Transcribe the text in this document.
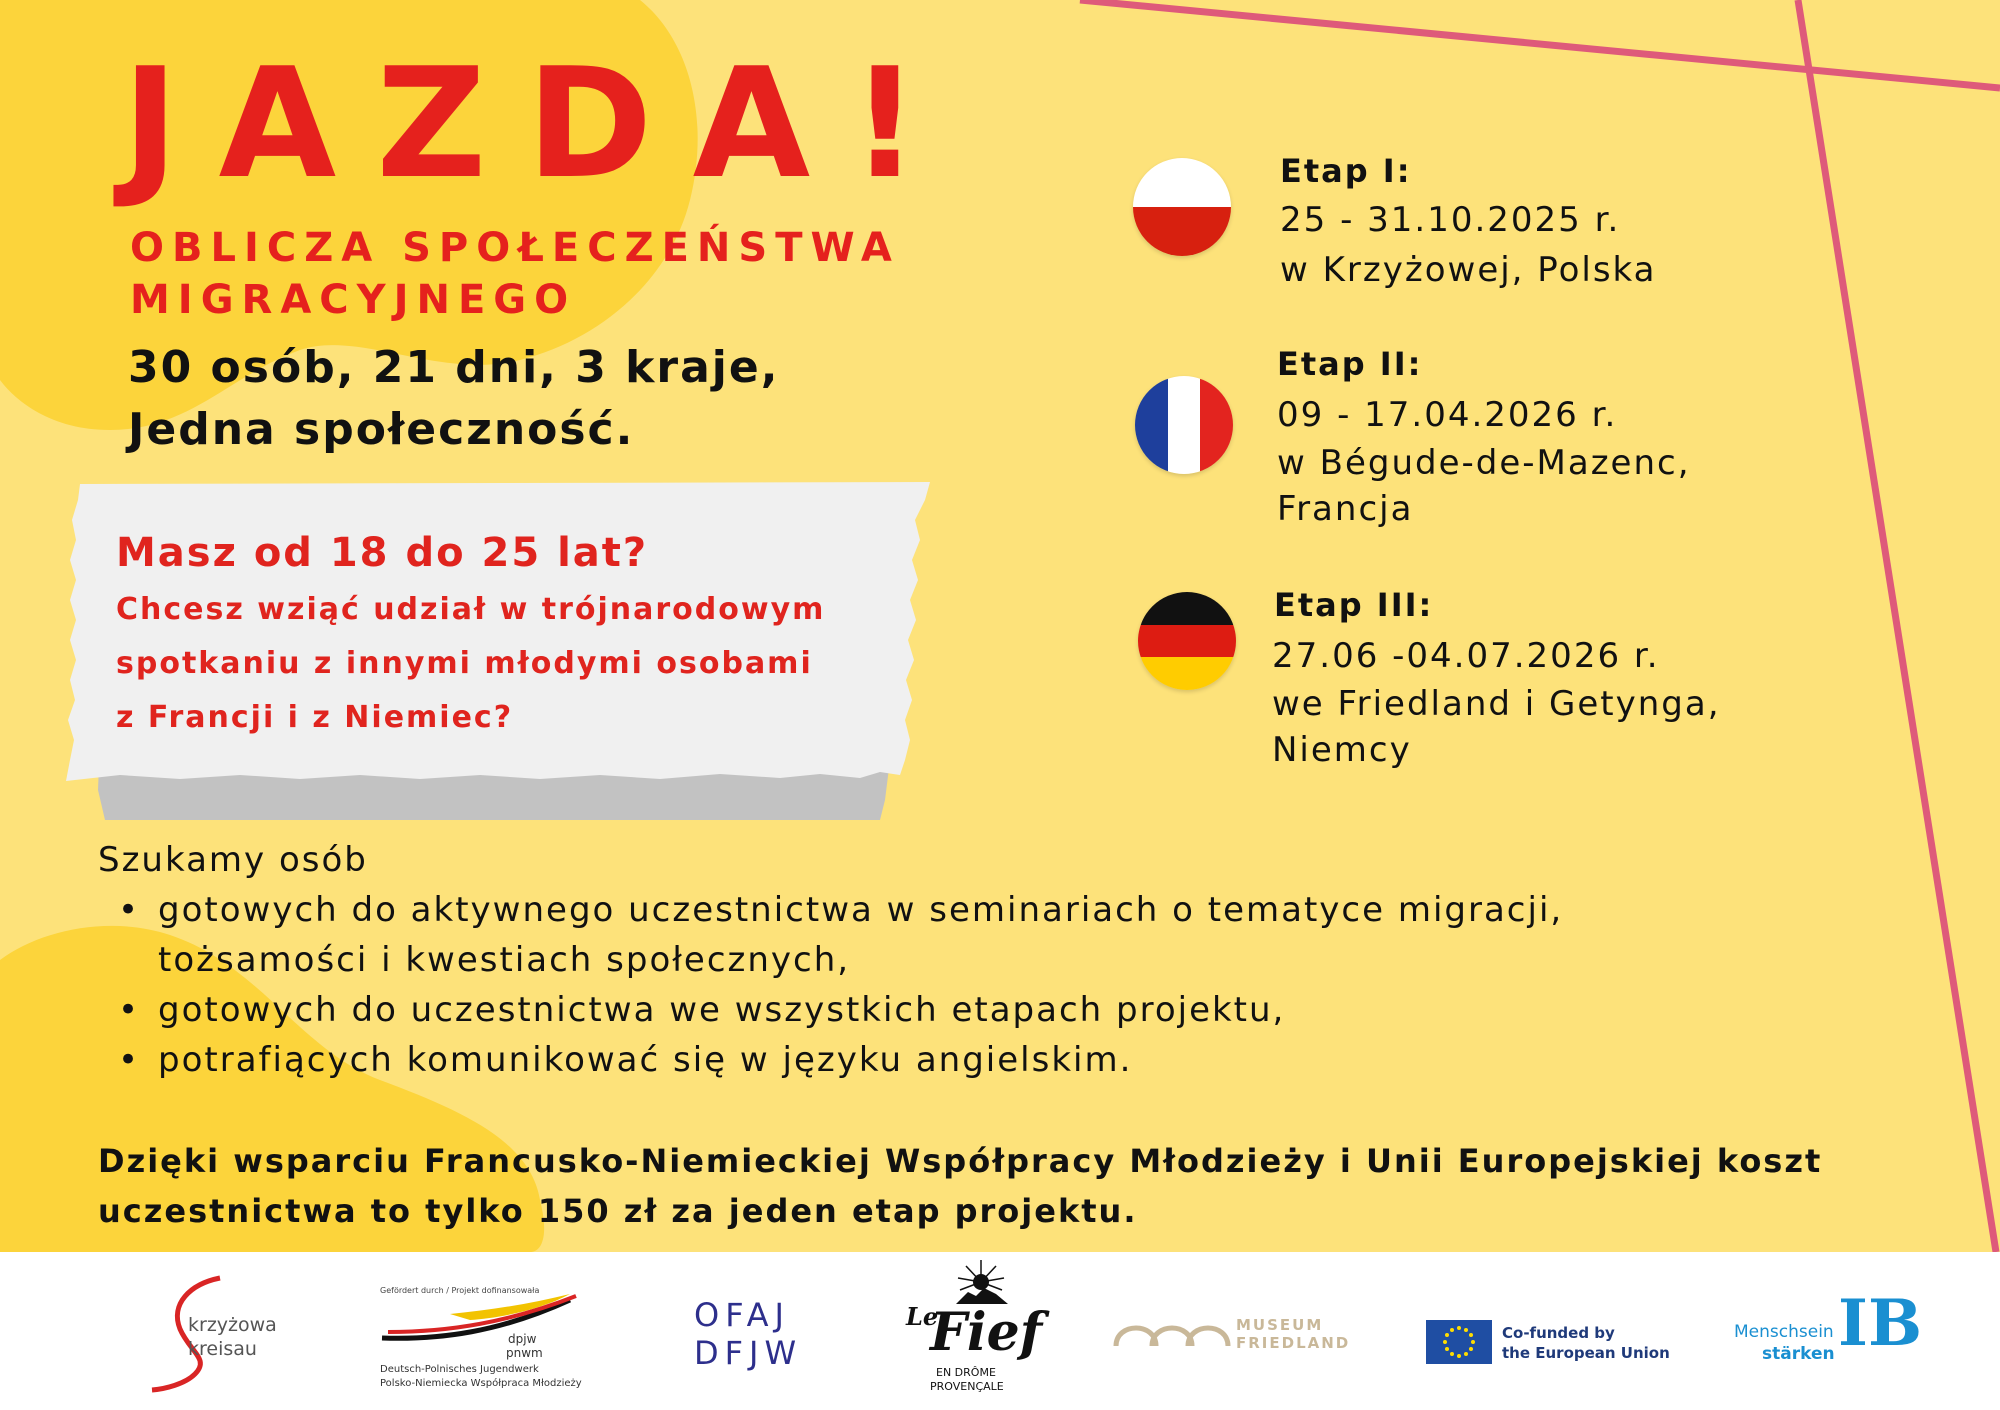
JAZDA!
OBLICZA SPOŁECZEŃSTWA
MIGRACYJNEGO
30 osób, 21 dni, 3 kraje,
Jedna społeczność.
Masz od 18 do 25 lat?
Chcesz wziąć udział w trójnarodowym
spotkaniu z innymi młodymi osobami
z Francji i z Niemiec?
Etap I:
25 - 31.10.2025 r.
w Krzyżowej, Polska
Etap II:
09 - 17.04.2026 r.
w Bégude-de-Mazenc,
Francja
Etap III:
27.06 -04.07.2026 r.
we Friedland i Getynga,
Niemcy
Szukamy osób
• gotowych do aktywnego uczestnictwa w seminariach o tematyce migracji,
tożsamości i kwestiach społecznych,
• gotowych do uczestnictwa we wszystkich etapach projektu,
• potrafiących komunikować się w języku angielskim.
Dzięki wsparciu Francusko-Niemieckiej Współpracy Młodzieży i Unii Europejskiej koszt
uczestnictwa to tylko 150 zł za jeden etap projektu.
krzyżowa
kreisau
Gefördert durch / Projekt dofinansowała
dpjw
pnwm
Deutsch-Polnisches Jugendwerk
Polsko-Niemiecka Współpraca Młodzieży
OFAJ
DFJW
Le
Fief
EN DRÔME
PROVENÇALE
MUSEUM
FRIEDLAND
Co-funded by
the European Union
Menschsein
stärken IB
